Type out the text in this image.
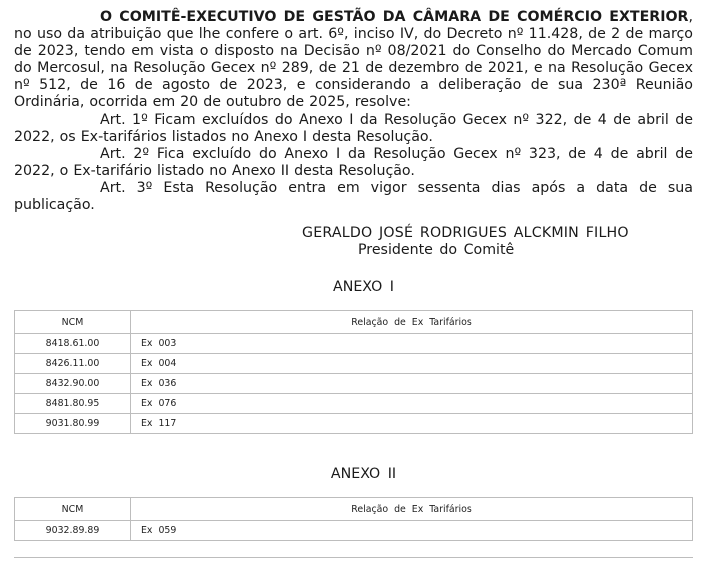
O COMITÊ-EXECUTIVO DE GESTÃO DA CÂMARA DE COMÉRCIO EXTERIOR, no uso da atribuição que lhe confere o art. 6º, inciso IV, do Decreto nº 11.428, de 2 de março de 2023, tendo em vista o disposto na Decisão nº 08/2021 do Conselho do Mercado Comum do Mercosul, na Resolução Gecex nº 289, de 21 de dezembro de 2021, e na Resolução Gecex nº 512, de 16 de agosto de 2023, e considerando a deliberação de sua 230ª Reunião Ordinária, ocorrida em 20 de outubro de 2025, resolve:

Art. 1º Ficam excluídos do Anexo I da Resolução Gecex nº 322, de 4 de abril de 2022, os Ex-tarifários listados no Anexo I desta Resolução.

Art. 2º Fica excluído do Anexo I da Resolução Gecex nº 323, de 4 de abril de 2022, o Ex-tarifário listado no Anexo II desta Resolução.

Art. 3º Esta Resolução entra em vigor sessenta dias após a data de sua publicação.

GERALDO JOSÉ RODRIGUES ALCKMIN FILHO
Presidente do Comitê
ANEXO I
NCM	Relação de Ex Tarifários
8418.61.00	Ex 003
8426.11.00	Ex 004
8432.90.00	Ex 036
8481.80.95	Ex 076
9031.80.99	Ex 117
ANEXO II
NCM	Relação de Ex Tarifários
9032.89.89	Ex 059
